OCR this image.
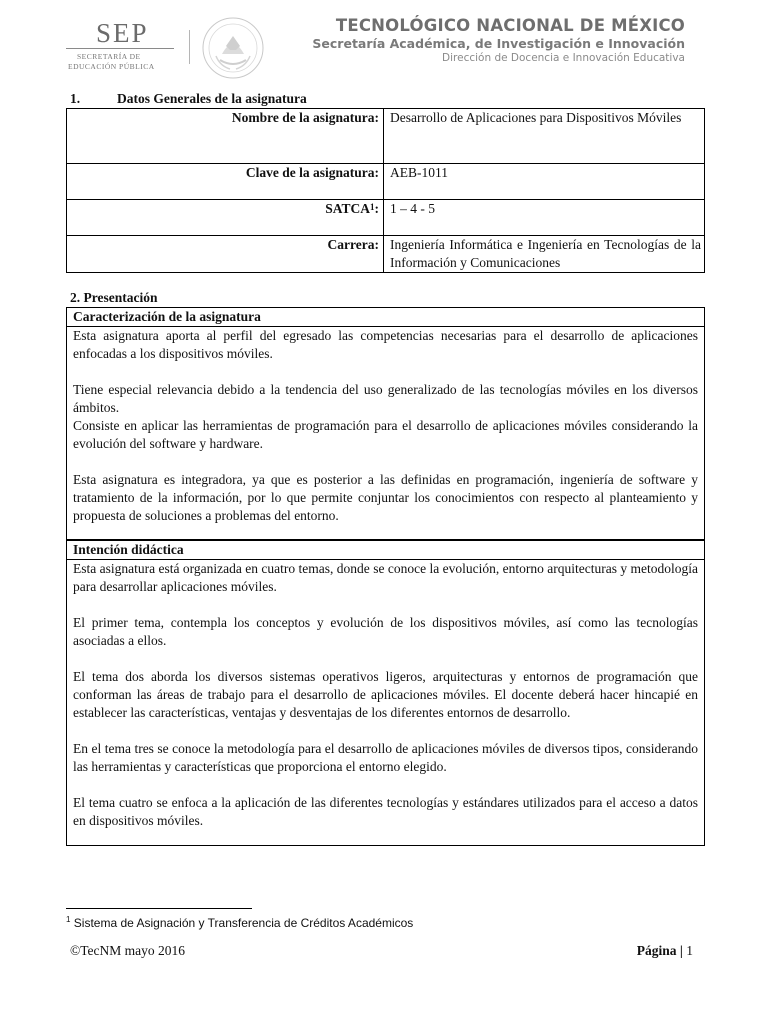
SEP
SECRETARÍA DE
EDUCACIÓN PÚBLICA
TECNOLÓGICO NACIONAL DE MÉXICO
Secretaría Académica, de Investigación e Innovación
Dirección de Docencia e Innovación Educativa
1.	Datos Generales de la asignatura
Nombre de la asignatura:	Desarrollo de Aplicaciones para Dispositivos Móviles
Clave de la asignatura:	AEB-1011
SATCA$^1$:	1 – 4 - 5
Carrera:	Ingeniería Informática e Ingeniería en Tecnologías de la Información y Comunicaciones
2. Presentación
Caracterización de la asignatura

Esta asignatura aporta al perfil del egresado las competencias necesarias para el desarrollo de aplicaciones enfocadas a los dispositivos móviles.

Tiene especial relevancia debido a la tendencia del uso generalizado de las tecnologías móviles en los diversos ámbitos.

Consiste en aplicar las herramientas de programación para el desarrollo de aplicaciones móviles considerando la evolución del software y hardware.

Esta asignatura es integradora, ya que es posterior a las definidas en programación, ingeniería de software y tratamiento de la información, por lo que permite conjuntar los conocimientos con respecto al planteamiento y propuesta de soluciones a problemas del entorno.

Intención didáctica

Esta asignatura está organizada en cuatro temas, donde se conoce la evolución, entorno arquitecturas y metodología para desarrollar aplicaciones móviles.

El primer tema, contempla los conceptos y evolución de los dispositivos móviles, así como las tecnologías asociadas a ellos.

El tema dos aborda los diversos sistemas operativos ligeros, arquitecturas y entornos de programación que conforman las áreas de trabajo para el desarrollo de aplicaciones móviles. El docente deberá hacer hincapié en establecer las características, ventajas y desventajas de los diferentes entornos de desarrollo.

En el tema tres se conoce la metodología para el desarrollo de aplicaciones móviles de diversos tipos, considerando las herramientas y características que proporciona el entorno elegido.

El tema cuatro se enfoca a la aplicación de las diferentes tecnologías y estándares utilizados para el acceso a datos en dispositivos móviles.

$^1$ Sistema de Asignación y Transferencia de Créditos Académicos
©TecNM mayo 2016	Página | 1
